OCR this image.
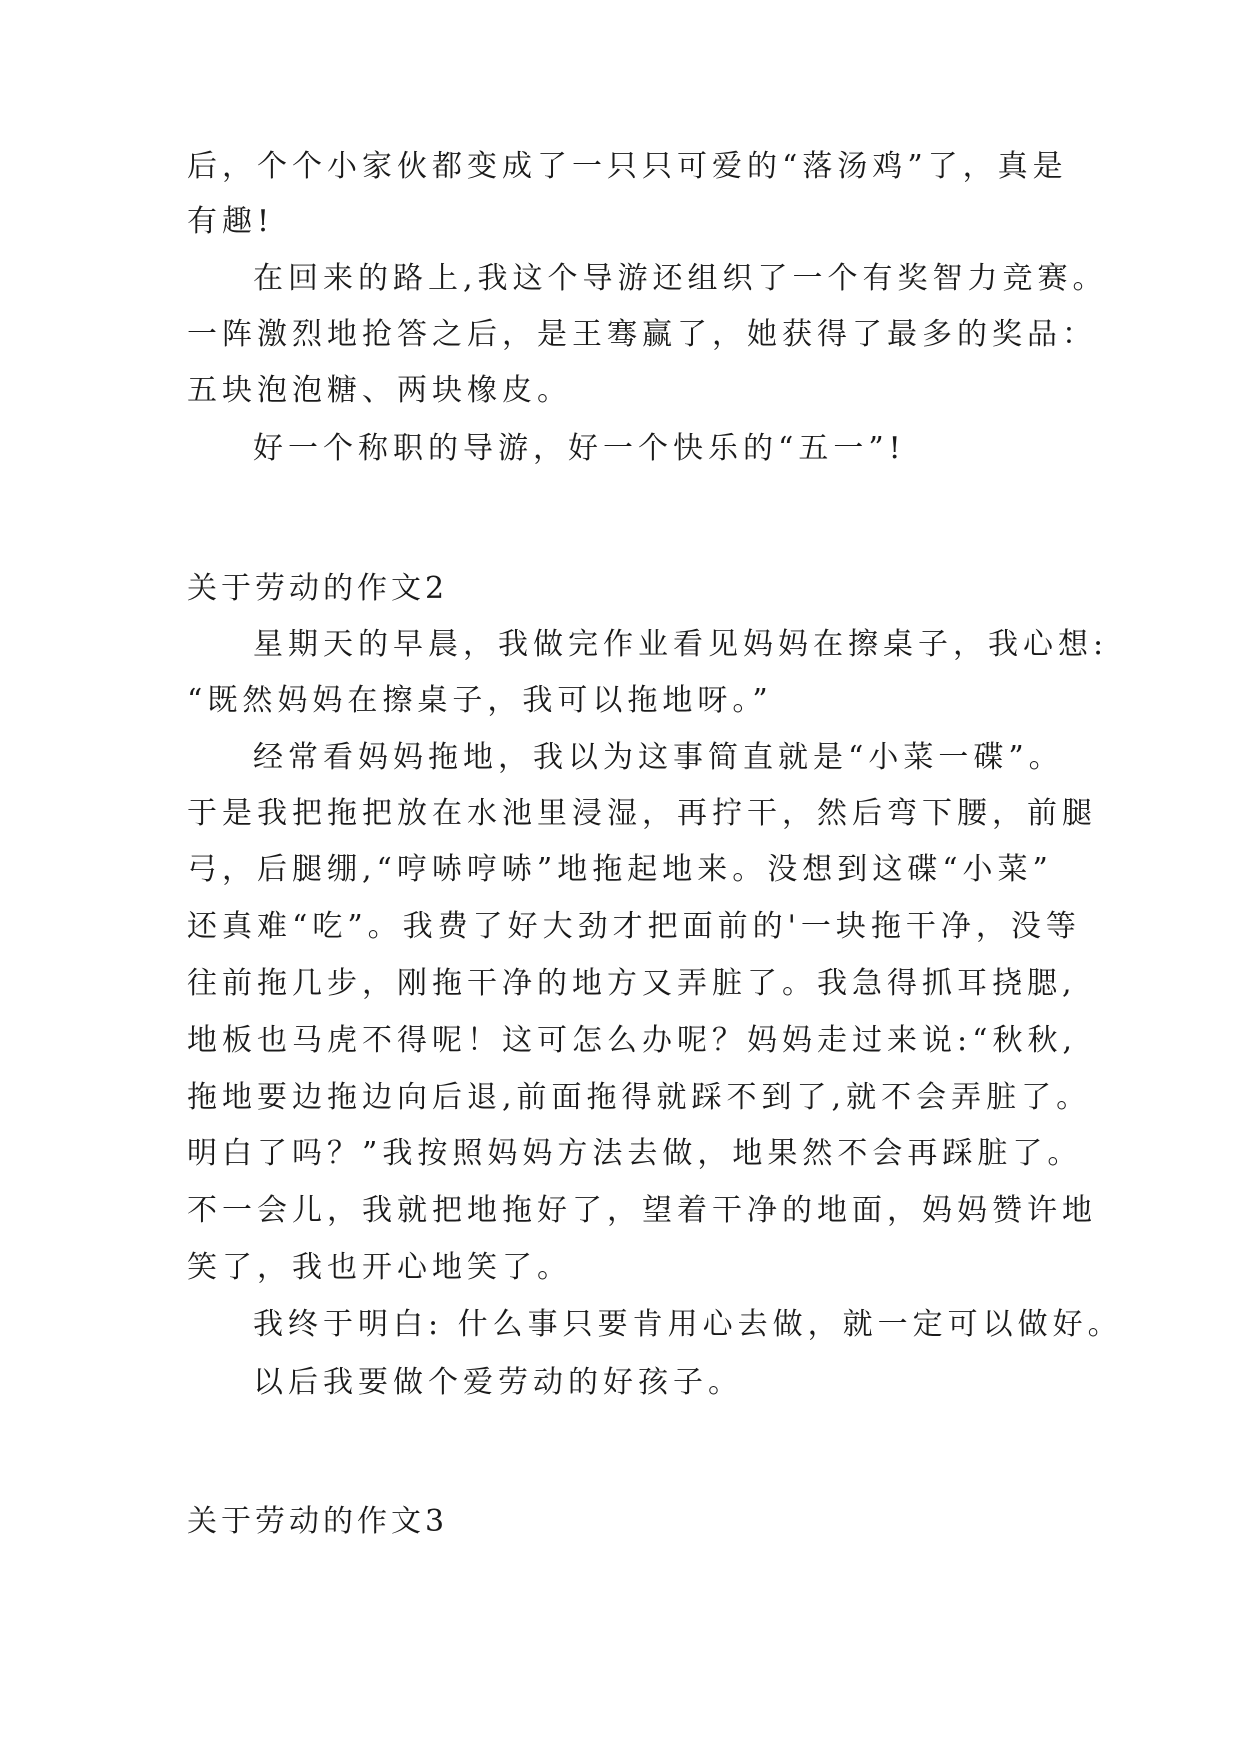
后，个个小家伙都变成了一只只可爱的“落汤鸡”了，真是
有趣!
在回来的路上,我这个导游还组织了一个有奖智力竞赛。
一阵激烈地抢答之后，是王骞赢了，她获得了最多的奖品：
五块泡泡糖、两块橡皮。
好一个称职的导游，好一个快乐的“五一”!
关于劳动的作文2
星期天的早晨，我做完作业看见妈妈在擦桌子，我心想:
“既然妈妈在擦桌子，我可以拖地呀。”
经常看妈妈拖地，我以为这事简直就是“小菜一碟”。
于是我把拖把放在水池里浸湿，再拧干，然后弯下腰，前腿
弓，后腿绷,“哼哧哼哧”地拖起地来。没想到这碟“小菜”
还真难“吃”。我费了好大劲才把面前的'一块拖干净，没等
往前拖几步，刚拖干净的地方又弄脏了。我急得抓耳挠腮,
地板也马虎不得呢！这可怎么办呢？妈妈走过来说:“秋秋,
拖地要边拖边向后退,前面拖得就踩不到了,就不会弄脏了。
明白了吗？”我按照妈妈方法去做，地果然不会再踩脏了。
不一会儿，我就把地拖好了，望着干净的地面，妈妈赞许地
笑了，我也开心地笑了。
我终于明白: 什么事只要肯用心去做，就一定可以做好。
以后我要做个爱劳动的好孩子。
关于劳动的作文3
